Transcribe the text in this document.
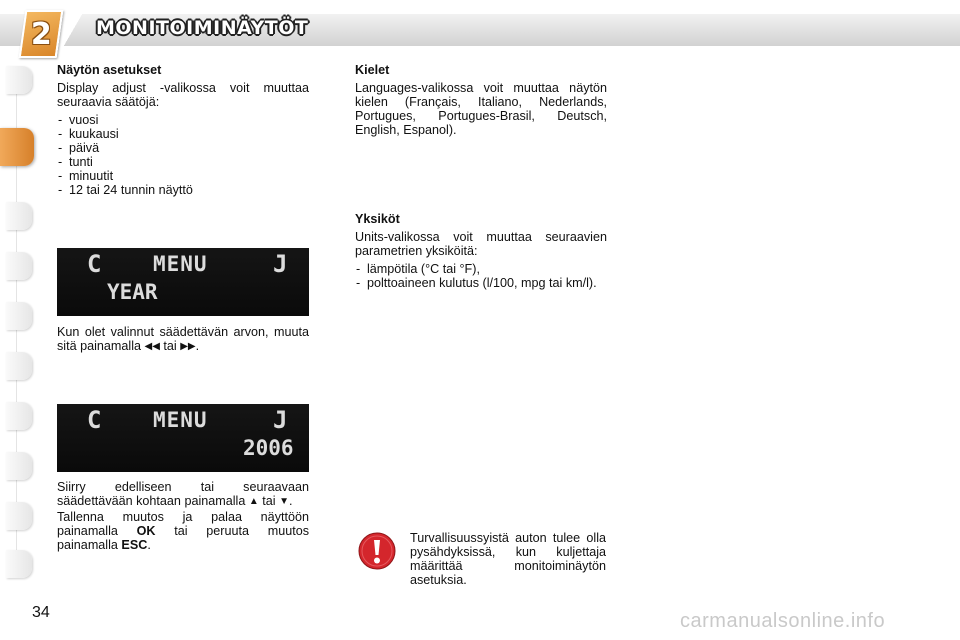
2 MONITOIMINÄYTÖT
Näytön asetukset

Display adjust -valikossa voit muuttaa seuraavia säätöjä:

- vuosi
- kuukausi
- päivä
- tunti
- minuutit
- 12 tai 24 tunnin näyttö
C MENU	J
YEAR
Kun olet valinnut säädettävän arvon, muuta sitä painamalla ◀◀ tai ▶▶.
C MENU	J
2006
Siirry edelliseen tai seuraavaan säädettävään kohtaan painamalla ▲ tai ▼.
Tallenna muutos ja palaa näyttöön painamalla OK tai peruuta muutos painamalla ESC.
Kielet

Languages-valikossa voit muuttaa näytön kielen (Français, Italiano, Nederlands, Portugues, Portugues-Brasil, Deutsch, English, Espanol).

Yksiköt

Units-valikossa voit muuttaa seuraavien parametrien yksiköitä:

- lämpötila (°C tai °F),
- polttoaineen kulutus (l/100, mpg tai km/l).
Turvallisuussyistä auton tulee olla pysähdyksissä, kun kuljettaja määrittää monitoiminäytön asetuksia.
34	carmanualsonline.info
